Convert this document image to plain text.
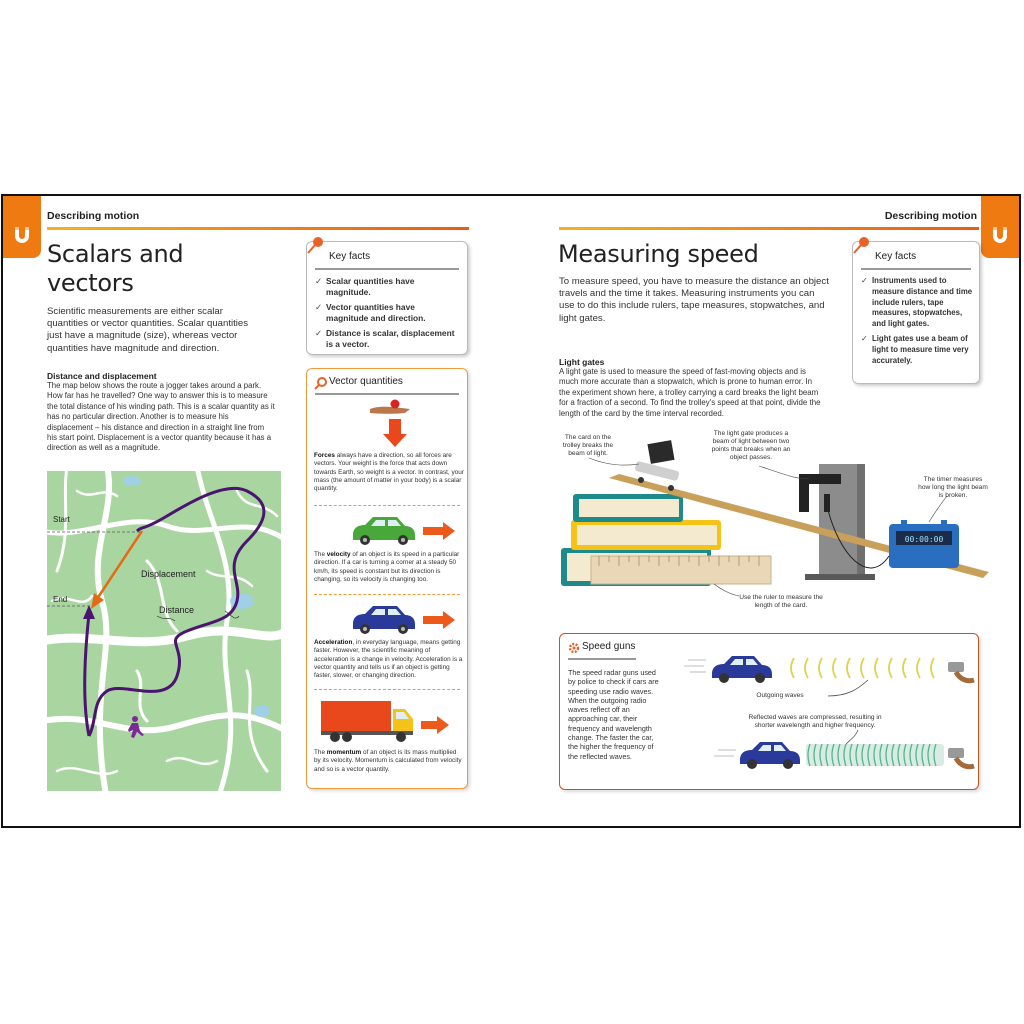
Describing motion
Scalars and
vectors
Scientific measurements are either scalar quantities or vector quantities. Scalar quantities just have a magnitude (size), whereas vector quantities have magnitude and direction.
Distance and displacement
The map below shows the route a jogger takes around a park. How far has he travelled? One way to answer this is to measure the total distance of his winding path. This is a scalar quantity as it has no particular direction. Another is to measure his displacement – his distance and direction in a straight line from his start point. Displacement is a vector quantity because it has a direction as well as a magnitude.
Start
End
Displacement
Distance
Key facts
✓ Scalar quantities have magnitude.
✓ Vector quantities have magnitude and direction.
✓ Distance is scalar, displacement is a vector.
Vector quantities
Forces always have a direction, so all forces are vectors. Your weight is the force that acts down towards Earth, so weight is a vector. In contrast, your mass (the amount of matter in your body) is a scalar quantity.
The velocity of an object is its speed in a particular direction. If a car is turning a corner at a steady 50 km/h, its speed is constant but its direction is changing, so its velocity is changing too.
Acceleration, in everyday language, means getting faster. However, the scientific meaning of acceleration is a change in velocity. Acceleration is a vector quantity and tells us if an object is getting faster, slower, or changing direction.
The momentum of an object is its mass multiplied by its velocity. Momentum is calculated from velocity and so is a vector quantity.
Describing motion
Measuring speed
To measure speed, you have to measure the distance an object travels and the time it takes. Measuring instruments you can use to do this include rulers, tape measures, stopwatches, and light gates.
Light gates
A light gate is used to measure the speed of fast-moving objects and is much more accurate than a stopwatch, which is prone to human error. In the experiment shown here, a trolley carrying a card breaks the light beam for a fraction of a second. To find the trolley's speed at that point, divide the length of the card by the time interval recorded.
Key facts
✓ Instruments used to measure distance and time include rulers, tape measures, stopwatches, and light gates.
✓ Light gates use a beam of light to measure time very accurately.
00:00:00
The card on the trolley breaks the beam of light.
The light gate produces a beam of light between two points that breaks when an object passes.
The timer measures how long the light beam is broken.
Use the ruler to measure the length of the card.
Speed guns
The speed radar guns used by police to check if cars are speeding use radio waves. When the outgoing radio waves reflect off an approaching car, their frequency and wavelength change. The faster the car, the higher the frequency of the reflected waves.
Outgoing waves
Reflected waves are compressed, resulting in shorter wavelength and higher frequency.
